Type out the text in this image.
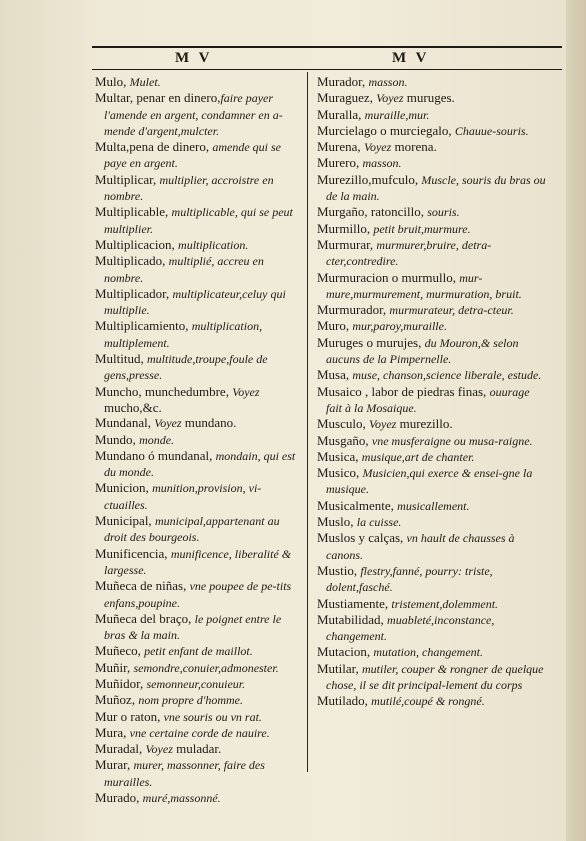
M V	M V

Mulo, Mulet.

Multar, penar en dinero,faire payer l'amende en argent, condamner en a-mende d'argent,mulcter.

Multa,pena de dinero, amende qui se paye en argent.

Multiplicar, multiplier, accroistre en nombre.

Multiplicable, multiplicable, qui se peut multiplier.

Multiplicacion, multiplication.

Multiplicado, multiplié, accreu en nombre.

Multiplicador, multiplicateur,celuy qui multiplie.

Multiplicamiento, multiplication, multiplement.

Multitud, multitude,troupe,foule de gens,presse.

Muncho, munchedumbre, Voyez mucho,&c.

Mundanal, Voyez mundano.

Mundo, monde.

Mundano ó mundanal, mondain, qui est du monde.

Municion, munition,provision, vi-ctuailles.

Municipal, municipal,appartenant au droit des bourgeois.

Munificencia, munificence, liberalité & largesse.

Muñeca de niñas, vne poupee de pe-tits enfans,poupine.

Muñeca del braço, le poignet entre le bras & la main.

Muñeco, petit enfant de maillot.

Muñir, semondre,conuier,admonester.

Muñidor, semonneur,conuieur.

Muñoz, nom propre d'homme.

Mur o raton, vne souris ou vn rat.

Mura, vne certaine corde de nauire.

Muradal, Voyez muladar.

Murar, murer, massonner, faire des murailles.

Murado, muré,massonné.

Murador, masson.

Muraguez, Voyez muruges.

Muralla, muraille,mur.

Murcielago o murciegalo, Chauue-souris.

Murena, Voyez morena.

Murero, masson.

Murezillo,mufculo, Muscle, souris du bras ou de la main.

Murgaño, ratoncillo, souris.

Murmillo, petit bruit,murmure.

Murmurar, murmurer,bruire, detra-cter,contredire.

Murmuracion o murmullo, mur-mure,murmurement, murmuration, bruit.

Murmurador, murmurateur, detra-cteur.

Muro, mur,paroy,muraille.

Muruges o murujes, du Mouron,& selon aucuns de la Pimpernelle.

Musa, muse, chanson,science liberale, estude.

Musaico , labor de piedras finas, ouurage fait à la Mosaique.

Musculo, Voyez murezillo.

Musgaño, vne musferaigne ou musa-raigne.

Musica, musique,art de chanter.

Musico, Musicien,qui exerce & ensei-gne la musique.

Musicalmente, musicallement.

Muslo, la cuisse.

Muslos y calças, vn hault de chausses à canons.

Mustio, flestry,fanné, pourry: triste, dolent,fasché.

Mustiamente, tristement,dolemment.

Mutabilidad, muableté,inconstance, changement.

Mutacion, mutation, changement.

Mutilar, mutiler, couper & rongner de quelque chose, il se dit principal-lement du corps

Mutilado, mutilé,coupé & rongné.
